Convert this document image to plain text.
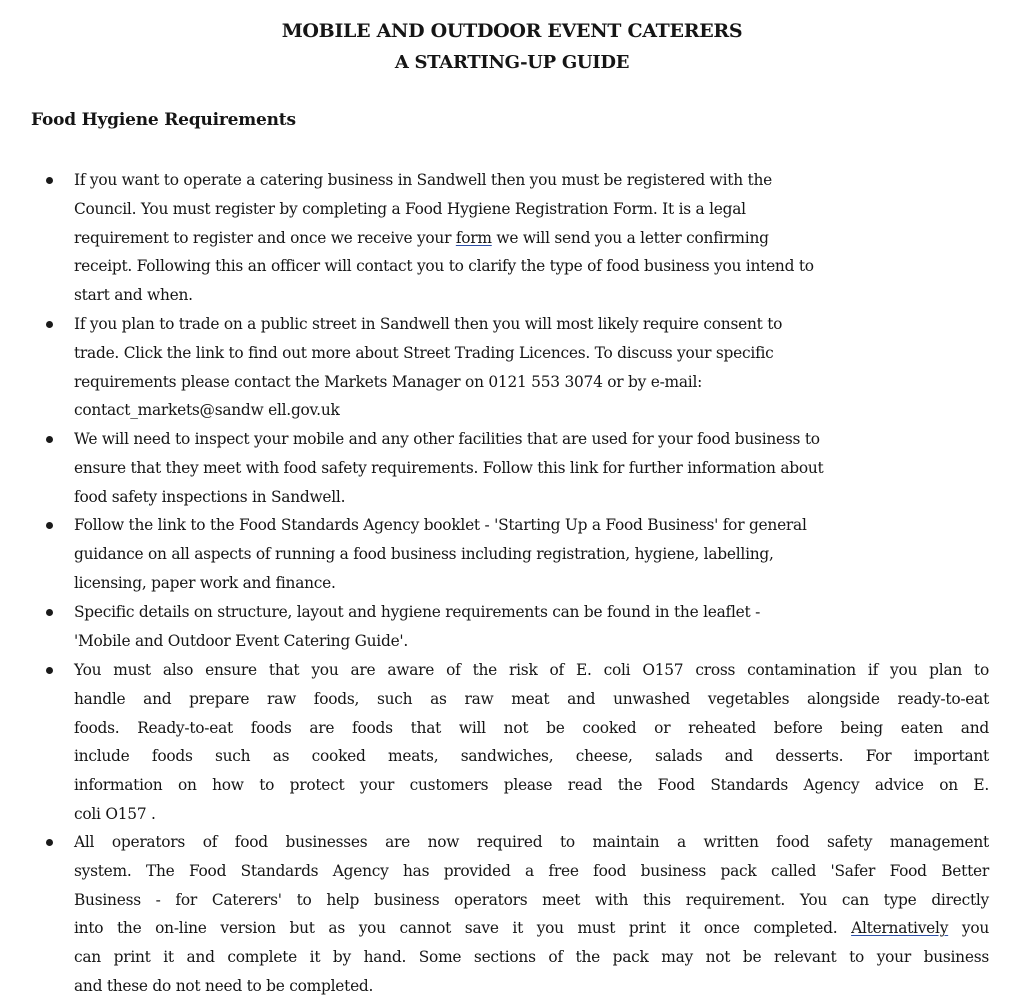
MOBILE AND OUTDOOR EVENT CATERERS
A STARTING-UP GUIDE
Food Hygiene Requirements
If you want to operate a catering business in Sandwell then you must be registered with the
Council. You must register by completing a Food Hygiene Registration Form. It is a legal
requirement to register and once we receive your form we will send you a letter confirming
receipt. Following this an officer will contact you to clarify the type of food business you intend to
start and when.
If you plan to trade on a public street in Sandwell then you will most likely require consent to
trade. Click the link to find out more about Street Trading Licences. To discuss your specific
requirements please contact the Markets Manager on 0121 553 3074 or by e-mail:
contact_markets@sandw ell.gov.uk
We will need to inspect your mobile and any other facilities that are used for your food business to
ensure that they meet with food safety requirements. Follow this link for further information about
food safety inspections in Sandwell.
Follow the link to the Food Standards Agency booklet - 'Starting Up a Food Business' for general
guidance on all aspects of running a food business including registration, hygiene, labelling,
licensing, paper work and finance.
Specific details on structure, layout and hygiene requirements can be found in the leaflet -
'Mobile and Outdoor Event Catering Guide'.
You must also ensure that you are aware of the risk of E. coli O157 cross contamination if you plan to
handle and prepare raw foods, such as raw meat and unwashed vegetables alongside ready-to-eat
foods. Ready-to-eat foods are foods that will not be cooked or reheated before being eaten and
include foods such as cooked meats, sandwiches, cheese, salads and desserts. For important
information on how to protect your customers please read the Food Standards Agency advice on E.
coli O157 .
All operators of food businesses are now required to maintain a written food safety management
system. The Food Standards Agency has provided a free food business pack called 'Safer Food Better
Business - for Caterers' to help business operators meet with this requirement. You can type directly
into the on-line version but as you cannot save it you must print it once completed. Alternatively you
can print it and complete it by hand. Some sections of the pack may not be relevant to your business
and these do not need to be completed.
